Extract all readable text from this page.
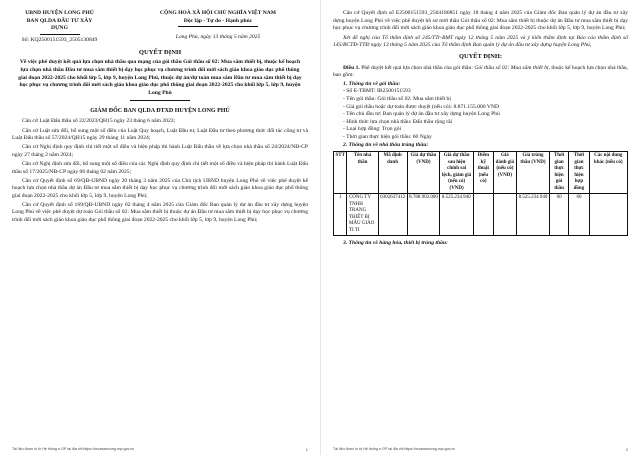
UBND HUYỆN LONG PHÚ
BAN QLDA ĐẦU TƯ XÂY
DỰNG
Số: KQ2500151593_2505130849
CỘNG HOÀ XÃ HỘI CHỦ NGHĨA VIỆT NAM
Độc lập - Tự do - Hạnh phúc
Long Phú, ngày 13 tháng 5 năm 2025
QUYẾT ĐỊNH
Về việc phê duyệt kết quả lựa chọn nhà thầu qua mạng của gói thầu Gói thầu số 02: Mua sắm thiết bị, thuộc kế hoạch lựa chọn nhà thầu Đầu tư mua sắm thiết bị dạy học phục vụ chương trình đổi mới sách giáo khoa giáo dục phổ thông giai đoạn 2022-2025 cho khối lớp 5, lớp 9, huyện Long Phú, thuộc dự án/dự toán mua sắm Đầu tư mua sắm thiết bị dạy học phục vụ chương trình đổi mới sách giáo khoa giáo dục phổ thông giai đoạn 2022-2025 cho khối lớp 5, lớp 9, huyện Long Phú
GIÁM ĐỐC BAN QLDA ĐTXD HUYỆN LONG PHÚ
Căn cứ Luật Đấu thầu số 22/2023/QH15 ngày 23 tháng 6 năm 2023;
Căn cứ Luật sửa đổi, bổ sung một số điều của Luật Quy hoạch, Luật Đầu tư, Luật Đầu tư theo phương thức đối tác công tư và Luật Đấu thầu số 57/2024/QH15 ngày 29 tháng 11 năm 2024;
Căn cứ Nghị định quy định chi tiết một số điều và biện pháp thi hành Luật Đấu thầu về lựa chọn nhà thầu số 24/2024/NĐ-CP ngày 27 tháng 2 năm 2024;
Căn cứ Nghị định sửa đổi, bổ sung một số điều của các Nghị định quy định chi tiết một số điều và biện pháp thi hành Luật Đấu thầu số 17/2025/NĐ-CP ngày 06 tháng 02 năm 2025;
Căn cứ Quyết định số 69/QĐ-UBND ngày 20 tháng 3 năm 2025 của Chủ tịch UBND huyện Long Phú về việc phê duyệt kế hoạch lựa chọn nhà thầu dự án Đầu tư mua sắm thiết bị dạy học phục vụ chương trình đổi mới sách giáo khoa giáo dục phổ thông giai đoạn 2022-2025 cho khối lớp 5, lớp 9, huyện Long Phú;
Căn cứ Quyết định số 169/QĐ-UBND ngày 02 tháng 4 năm 2025 của Giám đốc Ban quản lý dự án đầu tư xây dựng huyện Long Phú về việc phê duyệt dự toán Gói thầu số 02: Mua sắm thiết bị thuộc dự án Đầu tư mua sắm thiết bị dạy học phục vụ chương trình đổi mới sách giáo khoa giáo dục phổ thông giai đoạn 2022-2025 cho khối lớp 5, lớp 9, huyện Long Phú;
Tài liệu được in từ Hệ thống e-GP tại địa chỉ https://muasamcong.mpi.gov.vn	1
Căn cứ Quyết định số E2500151593_2504180851 ngày 18 tháng 4 năm 2025 của Giám đốc Ban quản lý dự án đầu tư xây dựng huyện Long Phú về việc phê duyệt hồ sơ mời thầu Gói thầu số 02: Mua sắm thiết bị thuộc dự án Đầu tư mua sắm thiết bị dạy học phục vụ chương trình đổi mới sách giáo khoa giáo dục phổ thông giai đoạn 2022-2025 cho khối lớp 5, lớp 9, huyện Long Phú;
Xét đề nghị của Tổ thẩm định số 245/TTr-BMT ngày 12 tháng 5 năm 2025 và ý kiến thẩm định tại Báo cáo thẩm định số 145/BCTĐ-TTĐ ngày 13 tháng 5 năm 2025 của Tổ thẩm định Ban quản lý dự án đầu tư xây dựng huyện Long Phú,
QUYẾT ĐỊNH:
Điều 1. Phê duyệt kết quả lựa chọn nhà thầu của gói thầu: Gói thầu số 02: Mua sắm thiết bị, thuộc kế hoạch lựa chọn nhà thầu, bao gồm:
1. Thông tin về gói thầu:
- Số E-TBMT: IB2500151593
- Tên gói thầu: Gói thầu số 02: Mua sắm thiết bị
- Giá gói thầu hoặc dự toán được duyệt (nếu có): 8.871.155.000 VND
- Tên chủ đầu tư: Ban quản lý dự án đầu tư xây dựng huyện Long Phú
- Hình thức lựa chọn nhà thầu: Đấu thầu rộng rãi
- Loại hợp đồng: Trọn gói
- Thời gian thực hiện gói thầu: 60 Ngày
2. Thông tin về nhà thầu trúng thầu:
STT	Tên nhà thầu	Mã định danh	Giá dự thầu (VND)	Giá dự thầu sau hiệu chỉnh sai lệch, giảm giá (nếu có) (VND)	Điểm kỹ thuật (nếu có)	Giá đánh giá (nếu có) (VND)	Giá trúng thầu (VND)	Thời gian thực hiện gói thầu	Thời gian thực hiện hợp đồng	Các nội dung khác (nếu có)
1	CÔNG TY TNHH TRANG THIẾT BỊ MẪU GIÁO TI TI	0302637412	8.788.902.000	8.525.234.940			8.525.234.940	60	60	
3. Thông tin về hàng hóa, thiết bị trúng thầu:
Tài liệu được in từ Hệ thống e-GP tại địa chỉ https://muasamcong.mpi.gov.vn	2
